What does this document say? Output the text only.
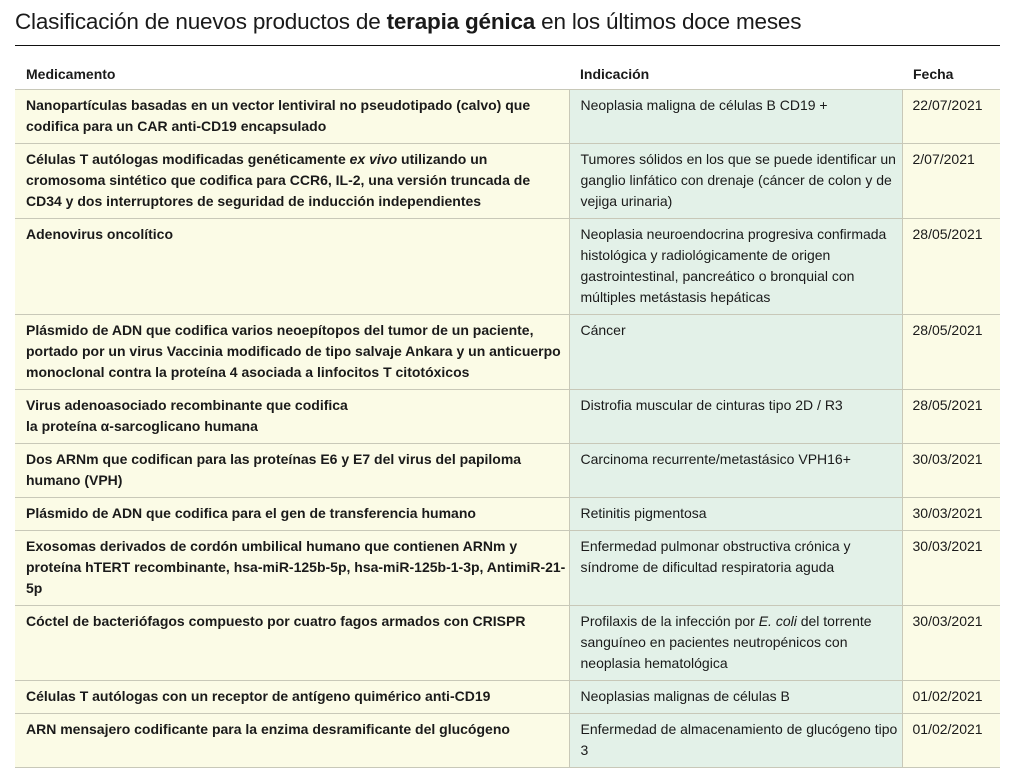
Clasificación de nuevos productos de terapia génica en los últimos doce meses
Medicamento	Indicación	Fecha
Nanopartículas basadas en un vector lentiviral no pseudotipado (calvo) que codifica para un CAR anti-CD19 encapsulado	Neoplasia maligna de células B CD19 +	22/07/2021
Células T autólogas modificadas genéticamente ex vivo utilizando un cromosoma sintético que codifica para CCR6, IL-2, una versión truncada de CD34 y dos interruptores de seguridad de inducción independientes	Tumores sólidos en los que se puede identificar un ganglio linfático con drenaje (cáncer de colon y de vejiga urinaria)	2/07/2021
Adenovirus oncolítico	Neoplasia neuroendocrina progresiva confirmada histológica y radiológicamente de origen gastrointestinal, pancreático o bronquial con múltiples metástasis hepáticas	28/05/2021
Plásmido de ADN que codifica varios neoepítopos del tumor de un paciente, portado por un virus Vaccinia modificado de tipo salvaje Ankara y un anticuerpo monoclonal contra la proteína 4 asociada a linfocitos T citotóxicos	Cáncer	28/05/2021
Virus adenoasociado recombinante que codifica
la proteína α-sarcoglicano humana	Distrofia muscular de cinturas tipo 2D / R3	28/05/2021
Dos ARNm que codifican para las proteínas E6 y E7 del virus del papiloma humano (VPH)	Carcinoma recurrente/metastásico VPH16+	30/03/2021
Plásmido de ADN que codifica para el gen de transferencia humano	Retinitis pigmentosa	30/03/2021
Exosomas derivados de cordón umbilical humano que contienen ARNm y proteína hTERT recombinante, hsa-miR-125b-5p, hsa-miR-125b-1-3p, AntimiR-21-5p	Enfermedad pulmonar obstructiva crónica y síndrome de dificultad respiratoria aguda	30/03/2021
Cóctel de bacteriófagos compuesto por cuatro fagos armados con CRISPR	Profilaxis de la infección por E. coli del torrente sanguíneo en pacientes neutropénicos con neoplasia hematológica	30/03/2021
Células T autólogas con un receptor de antígeno quimérico anti-CD19	Neoplasias malignas de células B	01/02/2021
ARN mensajero codificante para la enzima desramificante del glucógeno	Enfermedad de almacenamiento de glucógeno tipo 3	01/02/2021
